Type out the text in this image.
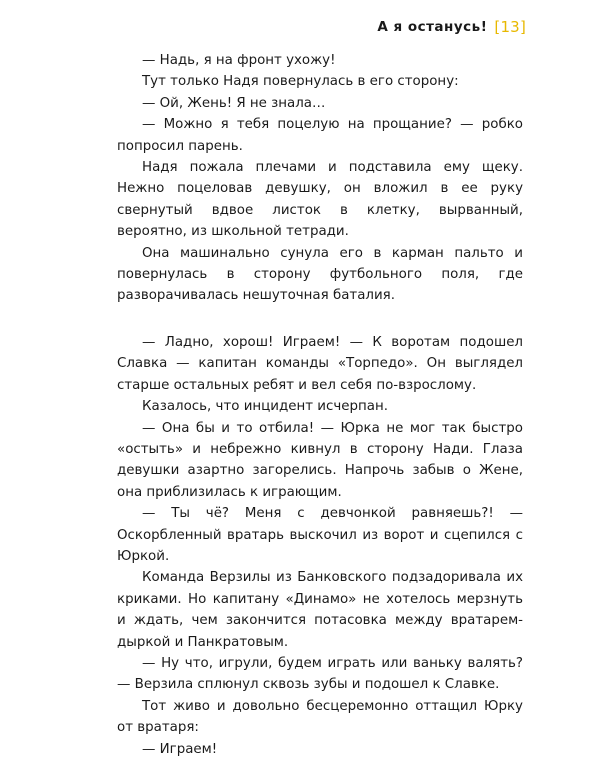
А я останусь! [13]

— Надь, я на фронт ухожу!

Тут только Надя повернулась в его сторону:

— Ой, Жень! Я не знала…

— Можно я тебя поцелую на прощание? — робко попросил парень.

Надя пожала плечами и подставила ему щеку. Нежно поцеловав девушку, он вложил в ее руку свернутый вдвое листок в клетку, вырванный, вероятно, из школьной тетради.

Она машинально сунула его в карман пальто и повернулась в сторону футбольного поля, где разворачивалась нешуточная баталия.

— Ладно, хорош! Играем! — К воротам подошел Славка — капитан команды «Торпедо». Он выглядел старше остальных ребят и вел себя по-взрослому.

Казалось, что инцидент исчерпан.

— Она бы и то отбила! — Юрка не мог так быстро «остыть» и небрежно кивнул в сторону Нади. Глаза девушки азартно загорелись. Напрочь забыв о Жене, она приблизилась к играющим.

— Ты чё? Меня с девчонкой равняешь?! — Оскорбленный вратарь выскочил из ворот и сцепился с Юркой.

Команда Верзилы из Банковского подзадоривала их криками. Но капитану «Динамо» не хотелось мерзнуть и ждать, чем закончится потасовка между вратарем-дыркой и Панкратовым.

— Ну что, игрули, будем играть или ваньку валять? — Верзила сплюнул сквозь зубы и подошел к Славке.

Тот живо и довольно бесцеремонно оттащил Юрку от вратаря:

— Играем!
